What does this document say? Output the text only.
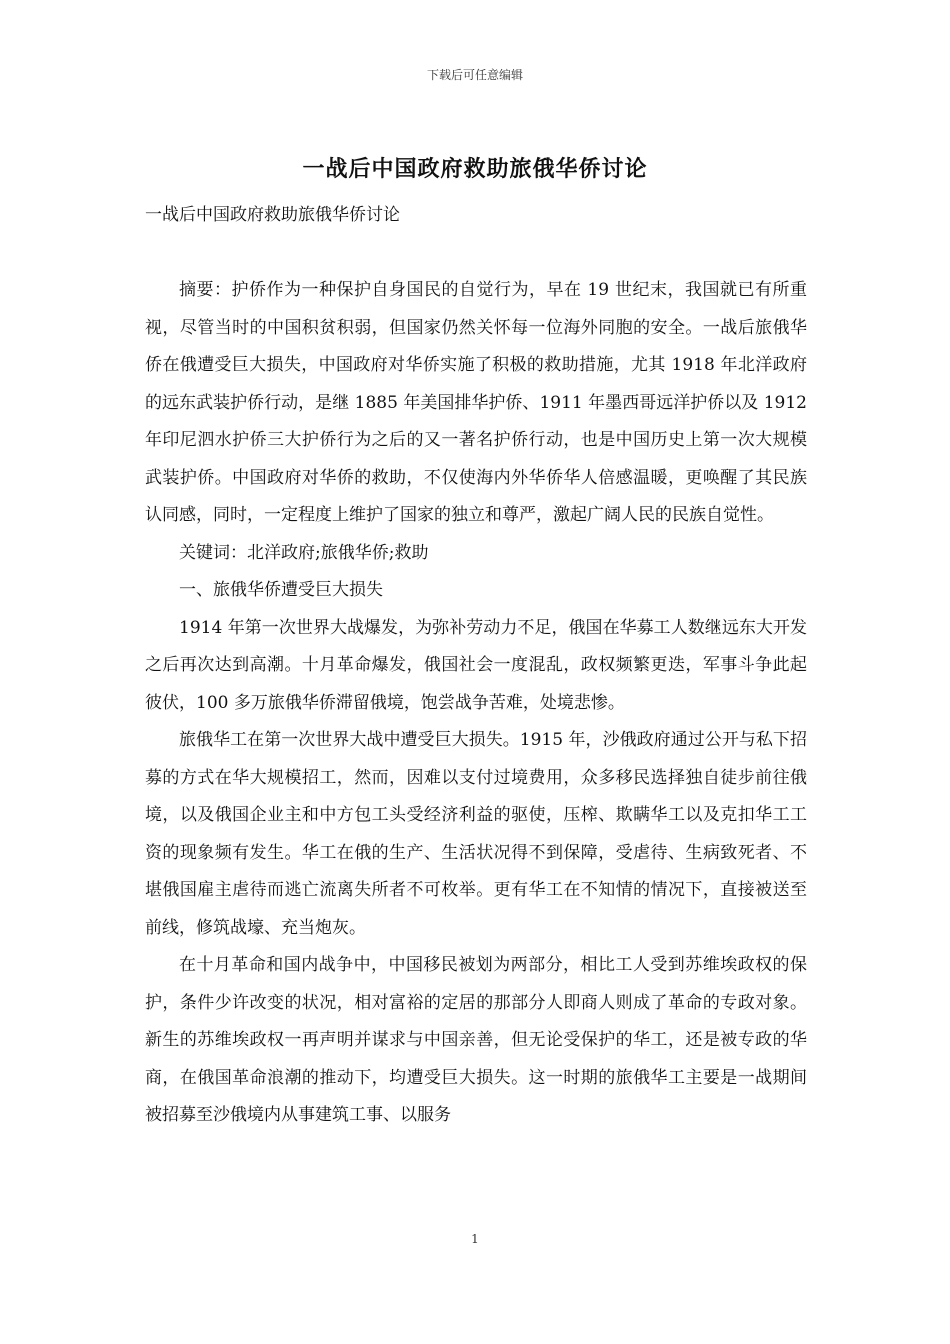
下载后可任意编辑
一战后中国政府救助旅俄华侨讨论
一战后中国政府救助旅俄华侨讨论

摘要：护侨作为一种保护自身国民的自觉行为，早在 19 世纪末，我国就已有所重视，尽管当时的中国积贫积弱，但国家仍然关怀每一位海外同胞的安全。一战后旅俄华侨在俄遭受巨大损失，中国政府对华侨实施了积极的救助措施，尤其 1918 年北洋政府的远东武装护侨行动，是继 1885 年美国排华护侨、1911 年墨西哥远洋护侨以及 1912 年印尼泗水护侨三大护侨行为之后的又一著名护侨行动，也是中国历史上第一次大规模武装护侨。中国政府对华侨的救助，不仅使海内外华侨华人倍感温暖，更唤醒了其民族认同感，同时，一定程度上维护了国家的独立和尊严，激起广阔人民的民族自觉性。

关键词：北洋政府;旅俄华侨;救助

一、旅俄华侨遭受巨大损失

1914 年第一次世界大战爆发，为弥补劳动力不足，俄国在华募工人数继远东大开发之后再次达到高潮。十月革命爆发，俄国社会一度混乱，政权频繁更迭，军事斗争此起彼伏，100 多万旅俄华侨滞留俄境，饱尝战争苦难，处境悲惨。

旅俄华工在第一次世界大战中遭受巨大损失。1915 年，沙俄政府通过公开与私下招募的方式在华大规模招工，然而，因难以支付过境费用，众多移民选择独自徒步前往俄境，以及俄国企业主和中方包工头受经济利益的驱使，压榨、欺瞒华工以及克扣华工工资的现象频有发生。华工在俄的生产、生活状况得不到保障，受虐待、生病致死者、不堪俄国雇主虐待而逃亡流离失所者不可枚举。更有华工在不知情的情况下，直接被送至前线，修筑战壕、充当炮灰。

在十月革命和国内战争中，中国移民被划为两部分，相比工人受到苏维埃政权的保护，条件少许改变的状况，相对富裕的定居的那部分人即商人则成了革命的专政对象。新生的苏维埃政权一再声明并谋求与中国亲善，但无论受保护的华工，还是被专政的华商，在俄国革命浪潮的推动下，均遭受巨大损失。这一时期的旅俄华工主要是一战期间被招募至沙俄境内从事建筑工事、以服务

1
